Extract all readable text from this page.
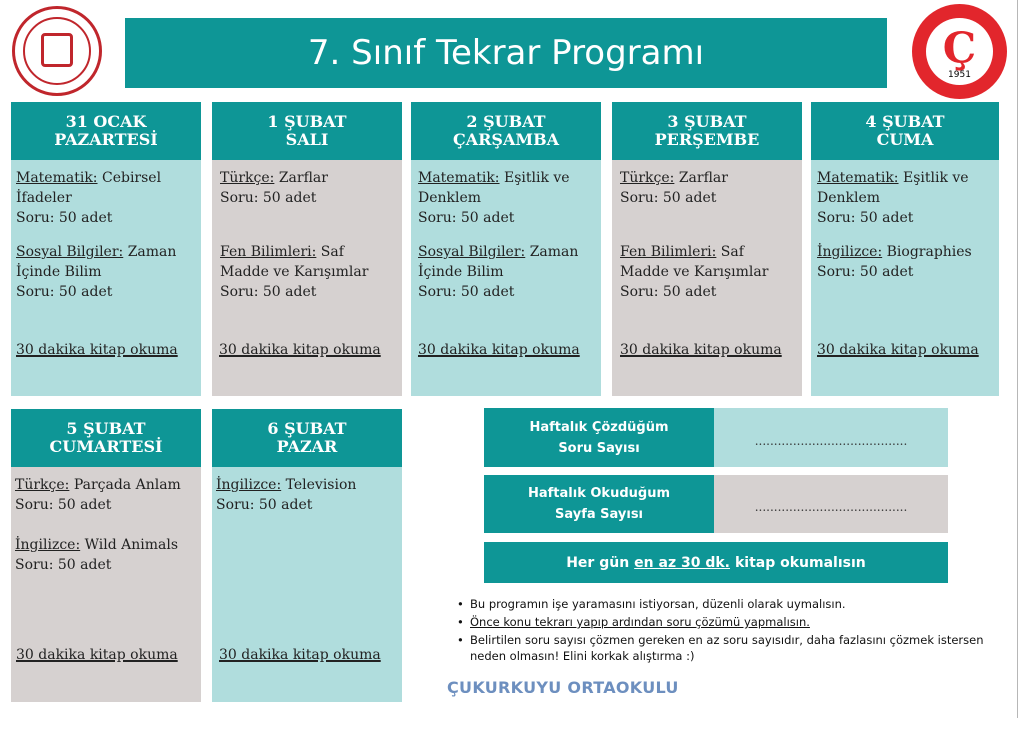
Ç
1951
7. Sınıf Tekrar Programı
31 OCAK
PAZARTESİ
Matematik: Cebirsel İfadeler
Soru: 50 adet
Sosyal Bilgiler: Zaman İçinde Bilim
Soru: 50 adet
30 dakika kitap okuma
1 ŞUBAT
SALI
Türkçe: Zarflar
Soru: 50 adet
Fen Bilimleri: Saf Madde ve Karışımlar
Soru: 50 adet
30 dakika kitap okuma
2 ŞUBAT
ÇARŞAMBA
Matematik: Eşitlik ve Denklem
Soru: 50 adet
Sosyal Bilgiler: Zaman İçinde Bilim
Soru: 50 adet
30 dakika kitap okuma
3 ŞUBAT
PERŞEMBE
Türkçe: Zarflar
Soru: 50 adet
Fen Bilimleri: Saf Madde ve Karışımlar
Soru: 50 adet
30 dakika kitap okuma
4 ŞUBAT
CUMA
Matematik: Eşitlik ve Denklem
Soru: 50 adet
İngilizce: Biographies
Soru: 50 adet
30 dakika kitap okuma
5 ŞUBAT
CUMARTESİ
Türkçe: Parçada Anlam
Soru: 50 adet
İngilizce: Wild Animals
Soru: 50 adet
30 dakika kitap okuma
6 ŞUBAT
PAZAR
İngilizce: Television
Soru: 50 adet
30 dakika kitap okuma
Haftalık Çözdüğüm
Soru Sayısı	........................................
Haftalık Okuduğum
Sayfa Sayısı	........................................
Her gün en az 30 dk. kitap okumalısın
• Bu programın işe yaramasını istiyorsan, düzenli olarak uymalısın.
• Önce konu tekrarı yapıp ardından soru çözümü yapmalısın.
• Belirtilen soru sayısı çözmen gereken en az soru sayısıdır, daha fazlasını çözmek istersen neden olmasın! Elini korkak alıştırma :)
ÇUKURKUYU ORTAOKULU
